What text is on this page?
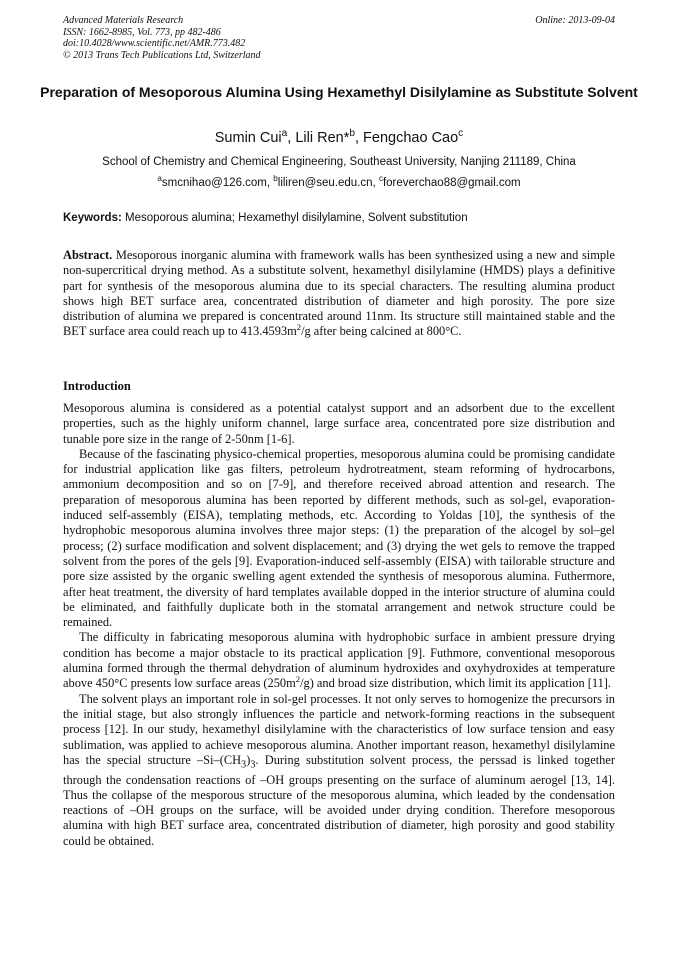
Advanced Materials Research
ISSN: 1662-8985, Vol. 773, pp 482-486
doi:10.4028/www.scientific.net/AMR.773.482
© 2013 Trans Tech Publications Ltd, Switzerland
Online: 2013-09-04
Preparation of Mesoporous Alumina Using Hexamethyl Disilylamine as Substitute Solvent
Sumin Cui$^a$, Lili Ren*$^b$, Fengchao Cao$^c$
School of Chemistry and Chemical Engineering, Southeast University, Nanjing 211189, China
$^a$smcnihao@126.com, $^b$liliren@seu.edu.cn, $^c$foreverchao88@gmail.com
Keywords: Mesoporous alumina; Hexamethyl disilylamine, Solvent substitution
Abstract. Mesoporous inorganic alumina with framework walls has been synthesized using a new and simple non-supercritical drying method. As a substitute solvent, hexamethyl disilylamine (HMDS) plays a definitive part for synthesis of the mesoporous alumina due to its special characters. The resulting alumina product shows high BET surface area, concentrated distribution of diameter and high porosity. The pore size distribution of alumina we prepared is concentrated around 11nm. Its structure still maintained stable and the BET surface area could reach up to $413.4593m^2/g$ after being calcined at 800°C.
Introduction

Mesoporous alumina is considered as a potential catalyst support and an adsorbent due to the excellent properties, such as the highly uniform channel, large surface area, concentrated pore size distribution and tunable pore size in the range of 2-50nm [1-6].

Because of the fascinating physico-chemical properties, mesoporous alumina could be promising candidate for industrial application like gas filters, petroleum hydrotreatment, steam reforming of hydrocarbons, ammonium decomposition and so on [7-9], and therefore received abroad attention and research. The preparation of mesoporous alumina has been reported by different methods, such as sol-gel, evaporation-induced self-assembly (EISA), templating methods, etc. According to Yoldas [10], the synthesis of the hydrophobic mesoporous alumina involves three major steps: (1) the preparation of the alcogel by sol–gel process; (2) surface modification and solvent displacement; and (3) drying the wet gels to remove the trapped solvent from the pores of the gels [9]. Evaporation-induced self-assembly (EISA) with tailorable structure and pore size assisted by the organic swelling agent extended the synthesis of mesoporous alumina. Futhermore, after heat treatment, the diversity of hard templates available dopped in the interior structure of alumina could be eliminated, and faithfully duplicate both in the stomatal arrangement and netwok structure could be remained.

The difficulty in fabricating mesoporous alumina with hydrophobic surface in ambient pressure drying condition has become a major obstacle to its practical application [9]. Futhmore, conventional mesoporous alumina formed through the thermal dehydration of aluminum hydroxides and oxyhydroxides at temperature above 450°C presents low surface areas $(250m^2/g)$ and broad size distribution, which limit its application [11].

The solvent plays an important role in sol-gel processes. It not only serves to homogenize the precursors in the initial stage, but also strongly influences the particle and network-forming reactions in the subsequent process [12]. In our study, hexamethyl disilylamine with the characteristics of low surface tension and easy sublimation, was applied to achieve mesoporous alumina. Another important reason, hexamethyl disilylamine has the special structure $-Si-(CH_3)_3$. During substitution solvent process, the perssad is linked together through the condensation reactions of –OH groups presenting on the surface of aluminum aerogel [13, 14]. Thus the collapse of the mesporous structure of the mesoporous alumina, which leaded by the condensation reactions of –OH groups on the surface, will be avoided under drying condition. Therefore mesoporous alumina with high BET surface area, concentrated distribution of diameter, high porosity and good stability could be obtained.
